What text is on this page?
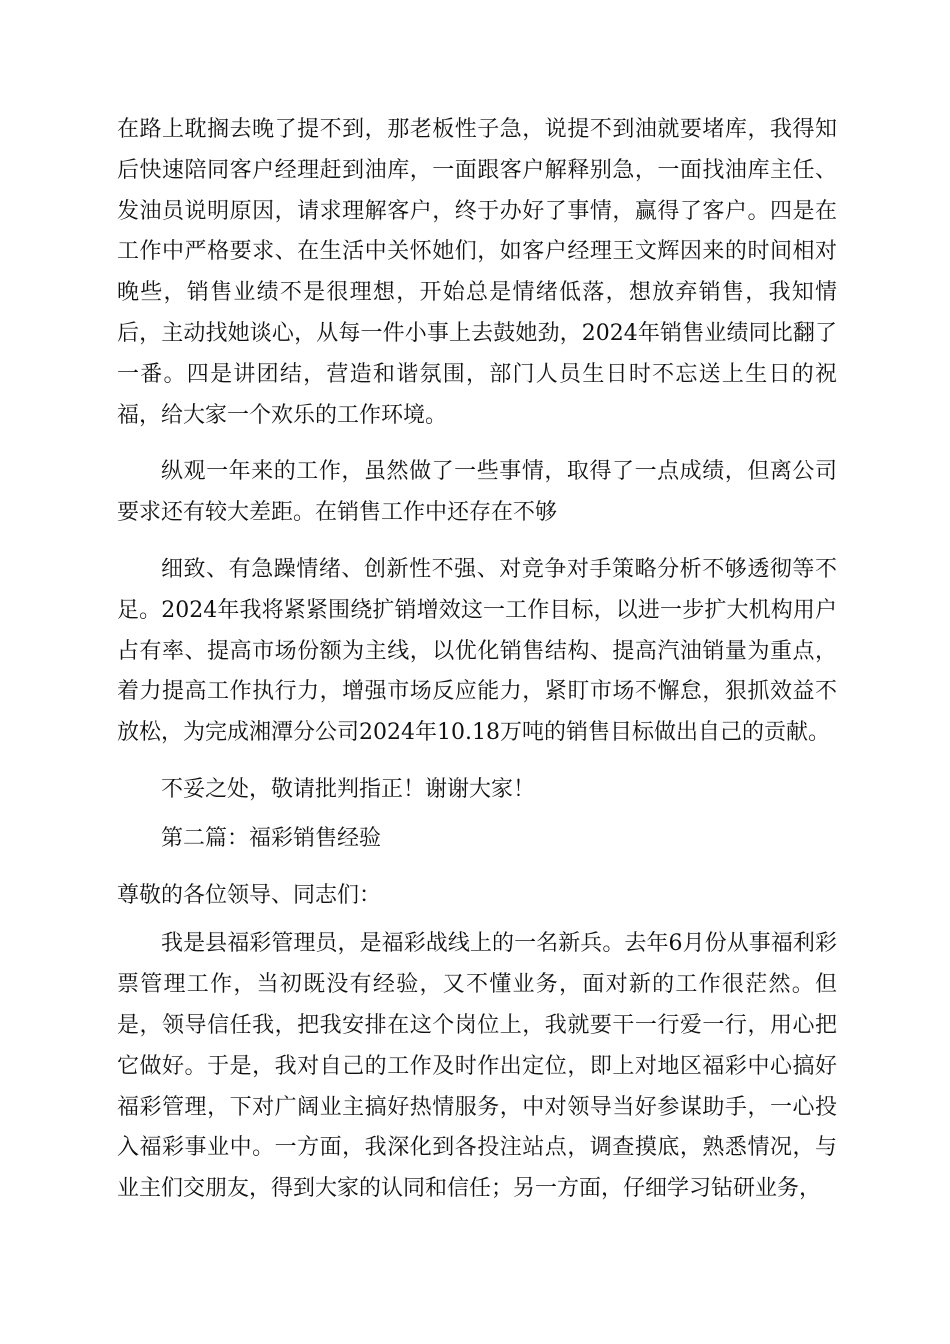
在路上耽搁去晚了提不到，那老板性子急，说提不到油就要堵库，我得知后快速陪同客户经理赶到油库，一面跟客户解释别急，一面找油库主任、发油员说明原因，请求理解客户，终于办好了事情，赢得了客户。四是在工作中严格要求、在生活中关怀她们，如客户经理王文辉因来的时间相对晚些，销售业绩不是很理想，开始总是情绪低落，想放弃销售，我知情后，主动找她谈心，从每一件小事上去鼓她劲，2024年销售业绩同比翻了一番。四是讲团结，营造和谐氛围，部门人员生日时不忘送上生日的祝福，给大家一个欢乐的工作环境。

纵观一年来的工作，虽然做了一些事情，取得了一点成绩，但离公司要求还有较大差距。在销售工作中还存在不够

细致、有急躁情绪、创新性不强、对竞争对手策略分析不够透彻等不足。2024年我将紧紧围绕扩销增效这一工作目标，以进一步扩大机构用户占有率、提高市场份额为主线，以优化销售结构、提高汽油销量为重点，着力提高工作执行力，增强市场反应能力，紧盯市场不懈怠，狠抓效益不放松，为完成湘潭分公司2024年10.18万吨的销售目标做出自己的贡献。

不妥之处，敬请批判指正！谢谢大家！

第二篇：福彩销售经验

尊敬的各位领导、同志们：

我是县福彩管理员，是福彩战线上的一名新兵。去年6月份从事福利彩票管理工作，当初既没有经验，又不懂业务，面对新的工作很茫然。但是，领导信任我，把我安排在这个岗位上，我就要干一行爱一行，用心把它做好。于是，我对自己的工作及时作出定位，即上对地区福彩中心搞好福彩管理，下对广阔业主搞好热情服务，中对领导当好参谋助手，一心投入福彩事业中。一方面，我深化到各投注站点，调查摸底，熟悉情况，与业主们交朋友，得到大家的认同和信任；另一方面，仔细学习钻研业务，
